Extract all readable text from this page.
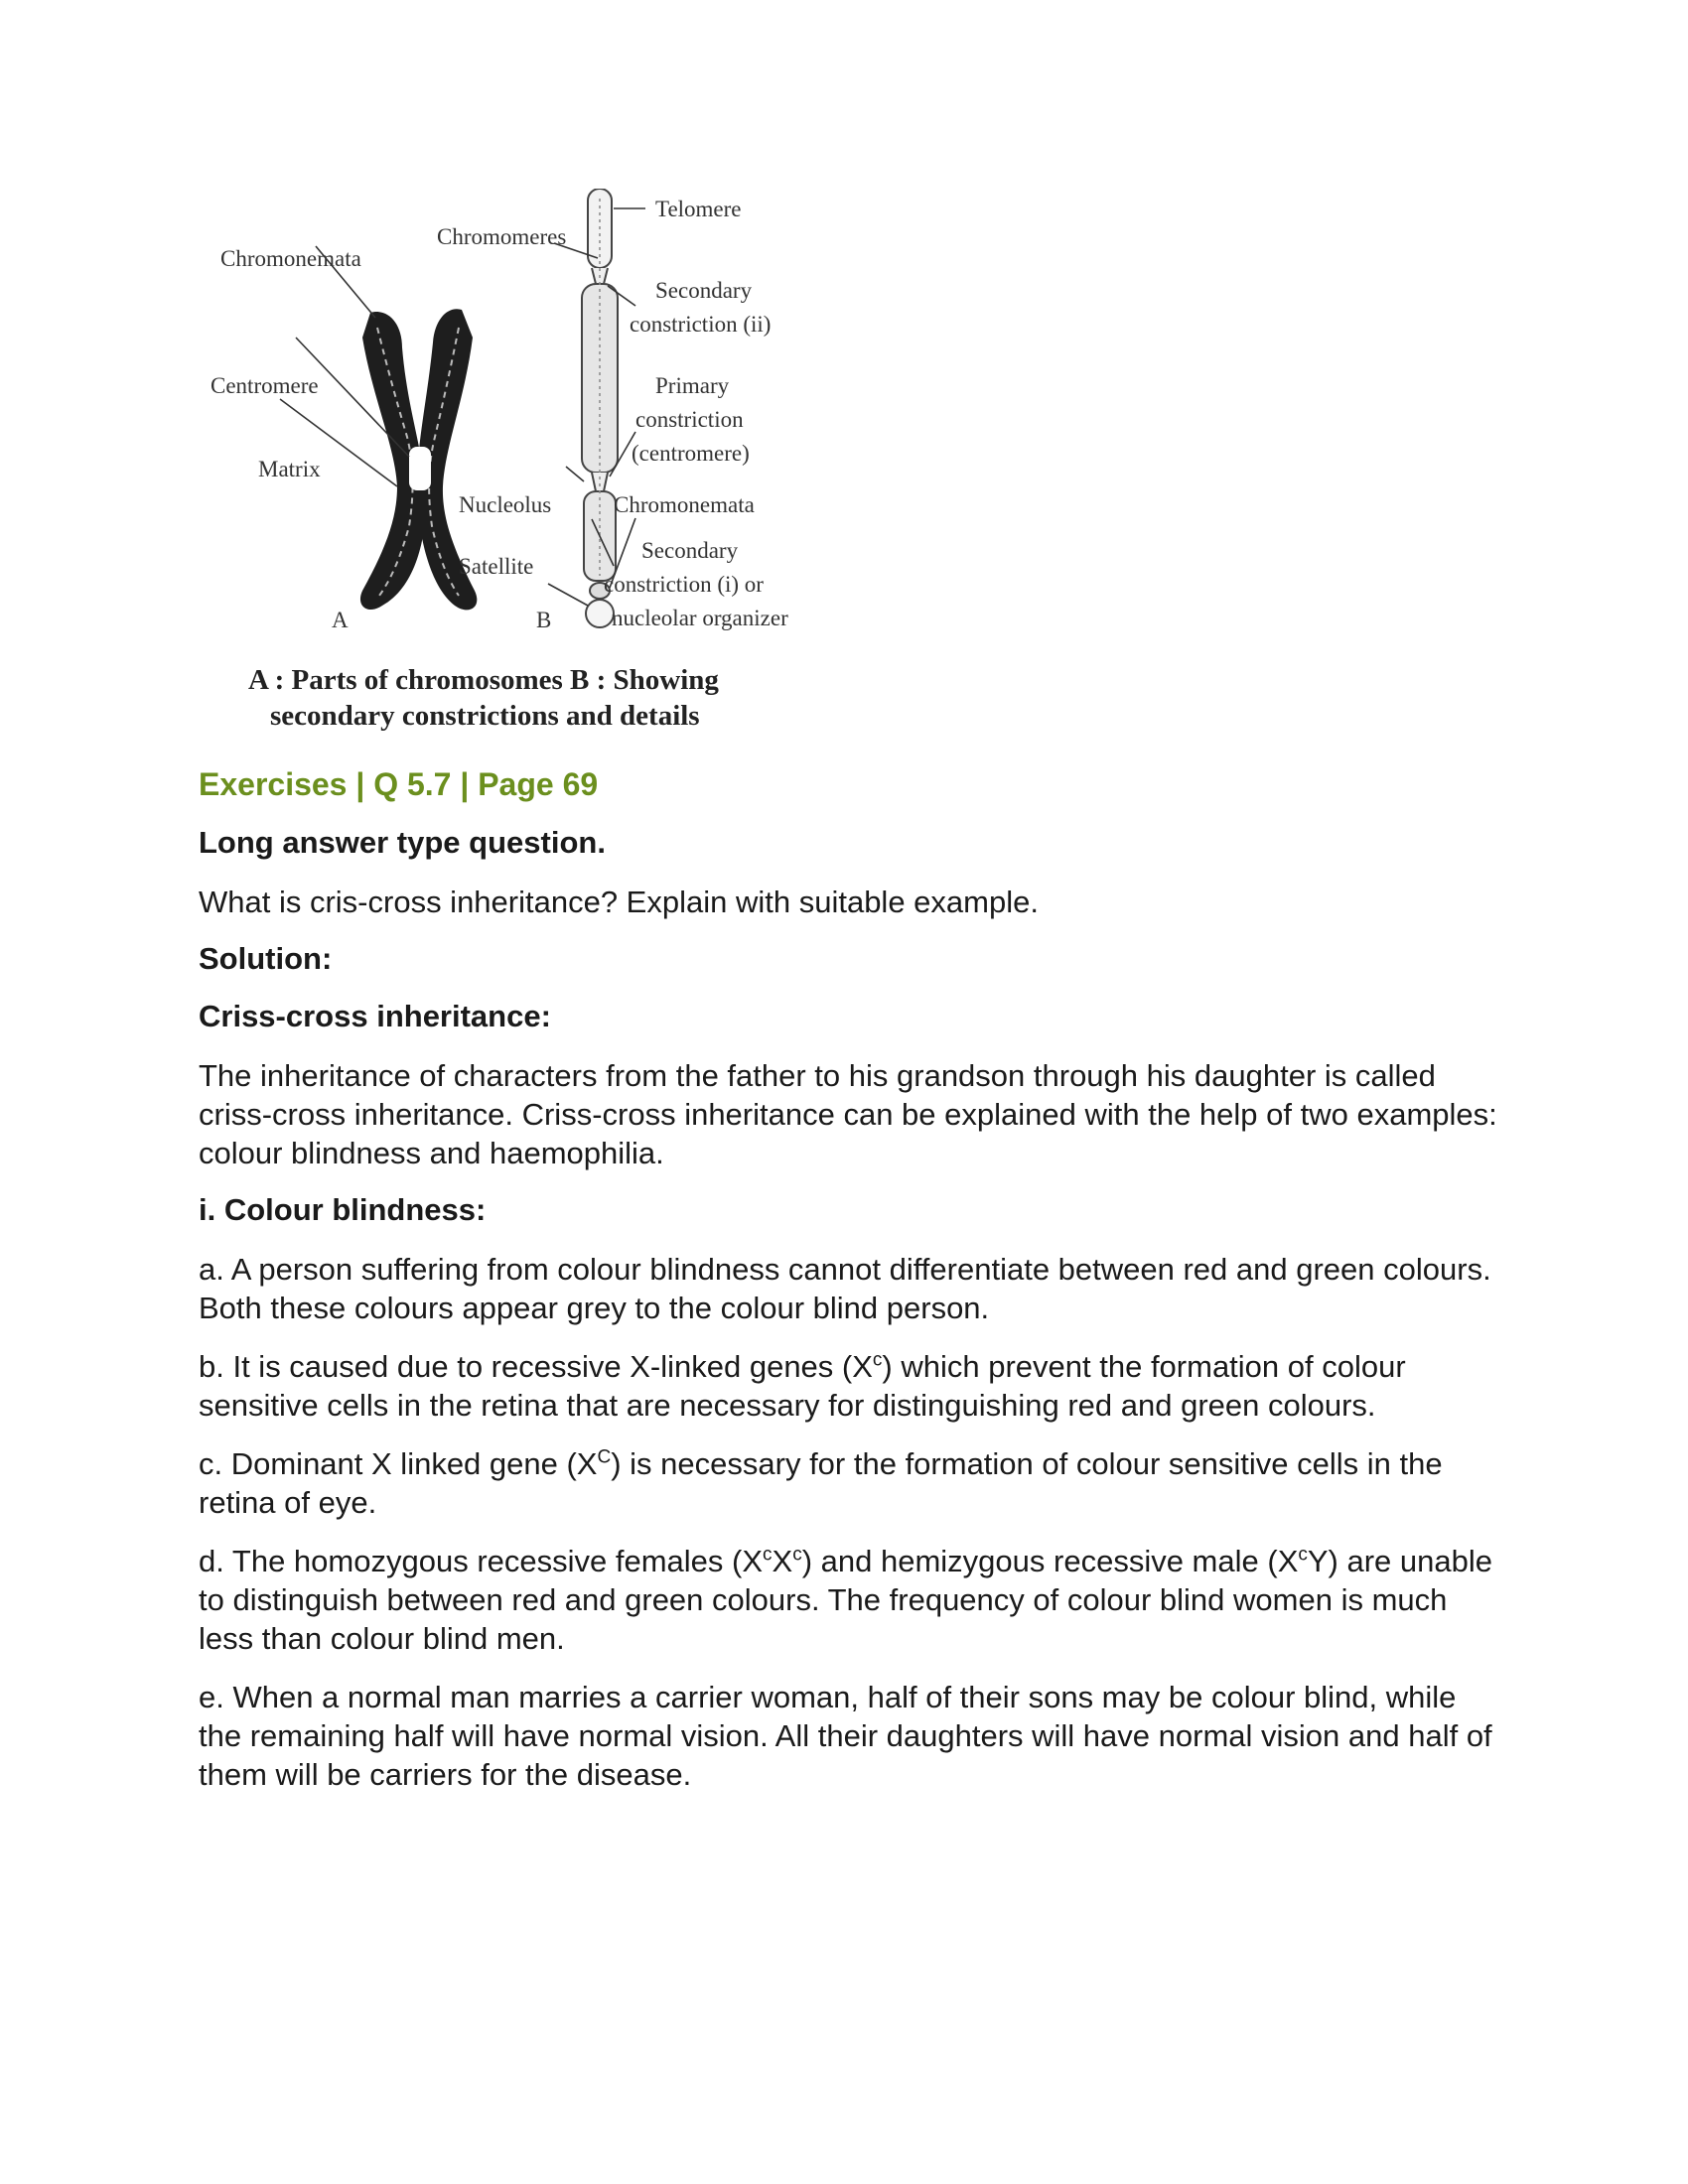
Telomere
Chromomeres
Chromonemata
Secondary
constriction (ii)
Centromere	Primary
constriction
(centromere)
Matrix
Nucleolus	Chromonemata
Satellite
Secondary
constriction (i) or
nucleolar organizer
A	B
A : Parts of chromosomes B : Showing
secondary constrictions and details
Exercises | Q 5.7 | Page 69
Long answer type question.
What is cris-cross inheritance? Explain with suitable example.
Solution:
Criss-cross inheritance:
The inheritance of characters from the father to his grandson through his daughter is called criss-cross inheritance. Criss-cross inheritance can be explained with the help of two examples: colour blindness and haemophilia.
i. Colour blindness:
a. A person suffering from colour blindness cannot differentiate between red and green colours. Both these colours appear grey to the colour blind person.
b. It is caused due to recessive X-linked genes $(X^c)$ which prevent the formation of colour sensitive cells in the retina that are necessary for distinguishing red and green colours.
c. Dominant X linked gene $(X^C)$ is necessary for the formation of colour sensitive cells in the retina of eye.
d. The homozygous recessive females $(X^cX^c)$ and hemizygous recessive male $(X^cY)$ are unable to distinguish between red and green colours. The frequency of colour blind women is much less than colour blind men.
e. When a normal man marries a carrier woman, half of their sons may be colour blind, while the remaining half will have normal vision. All their daughters will have normal vision and half of them will be carriers for the disease.
